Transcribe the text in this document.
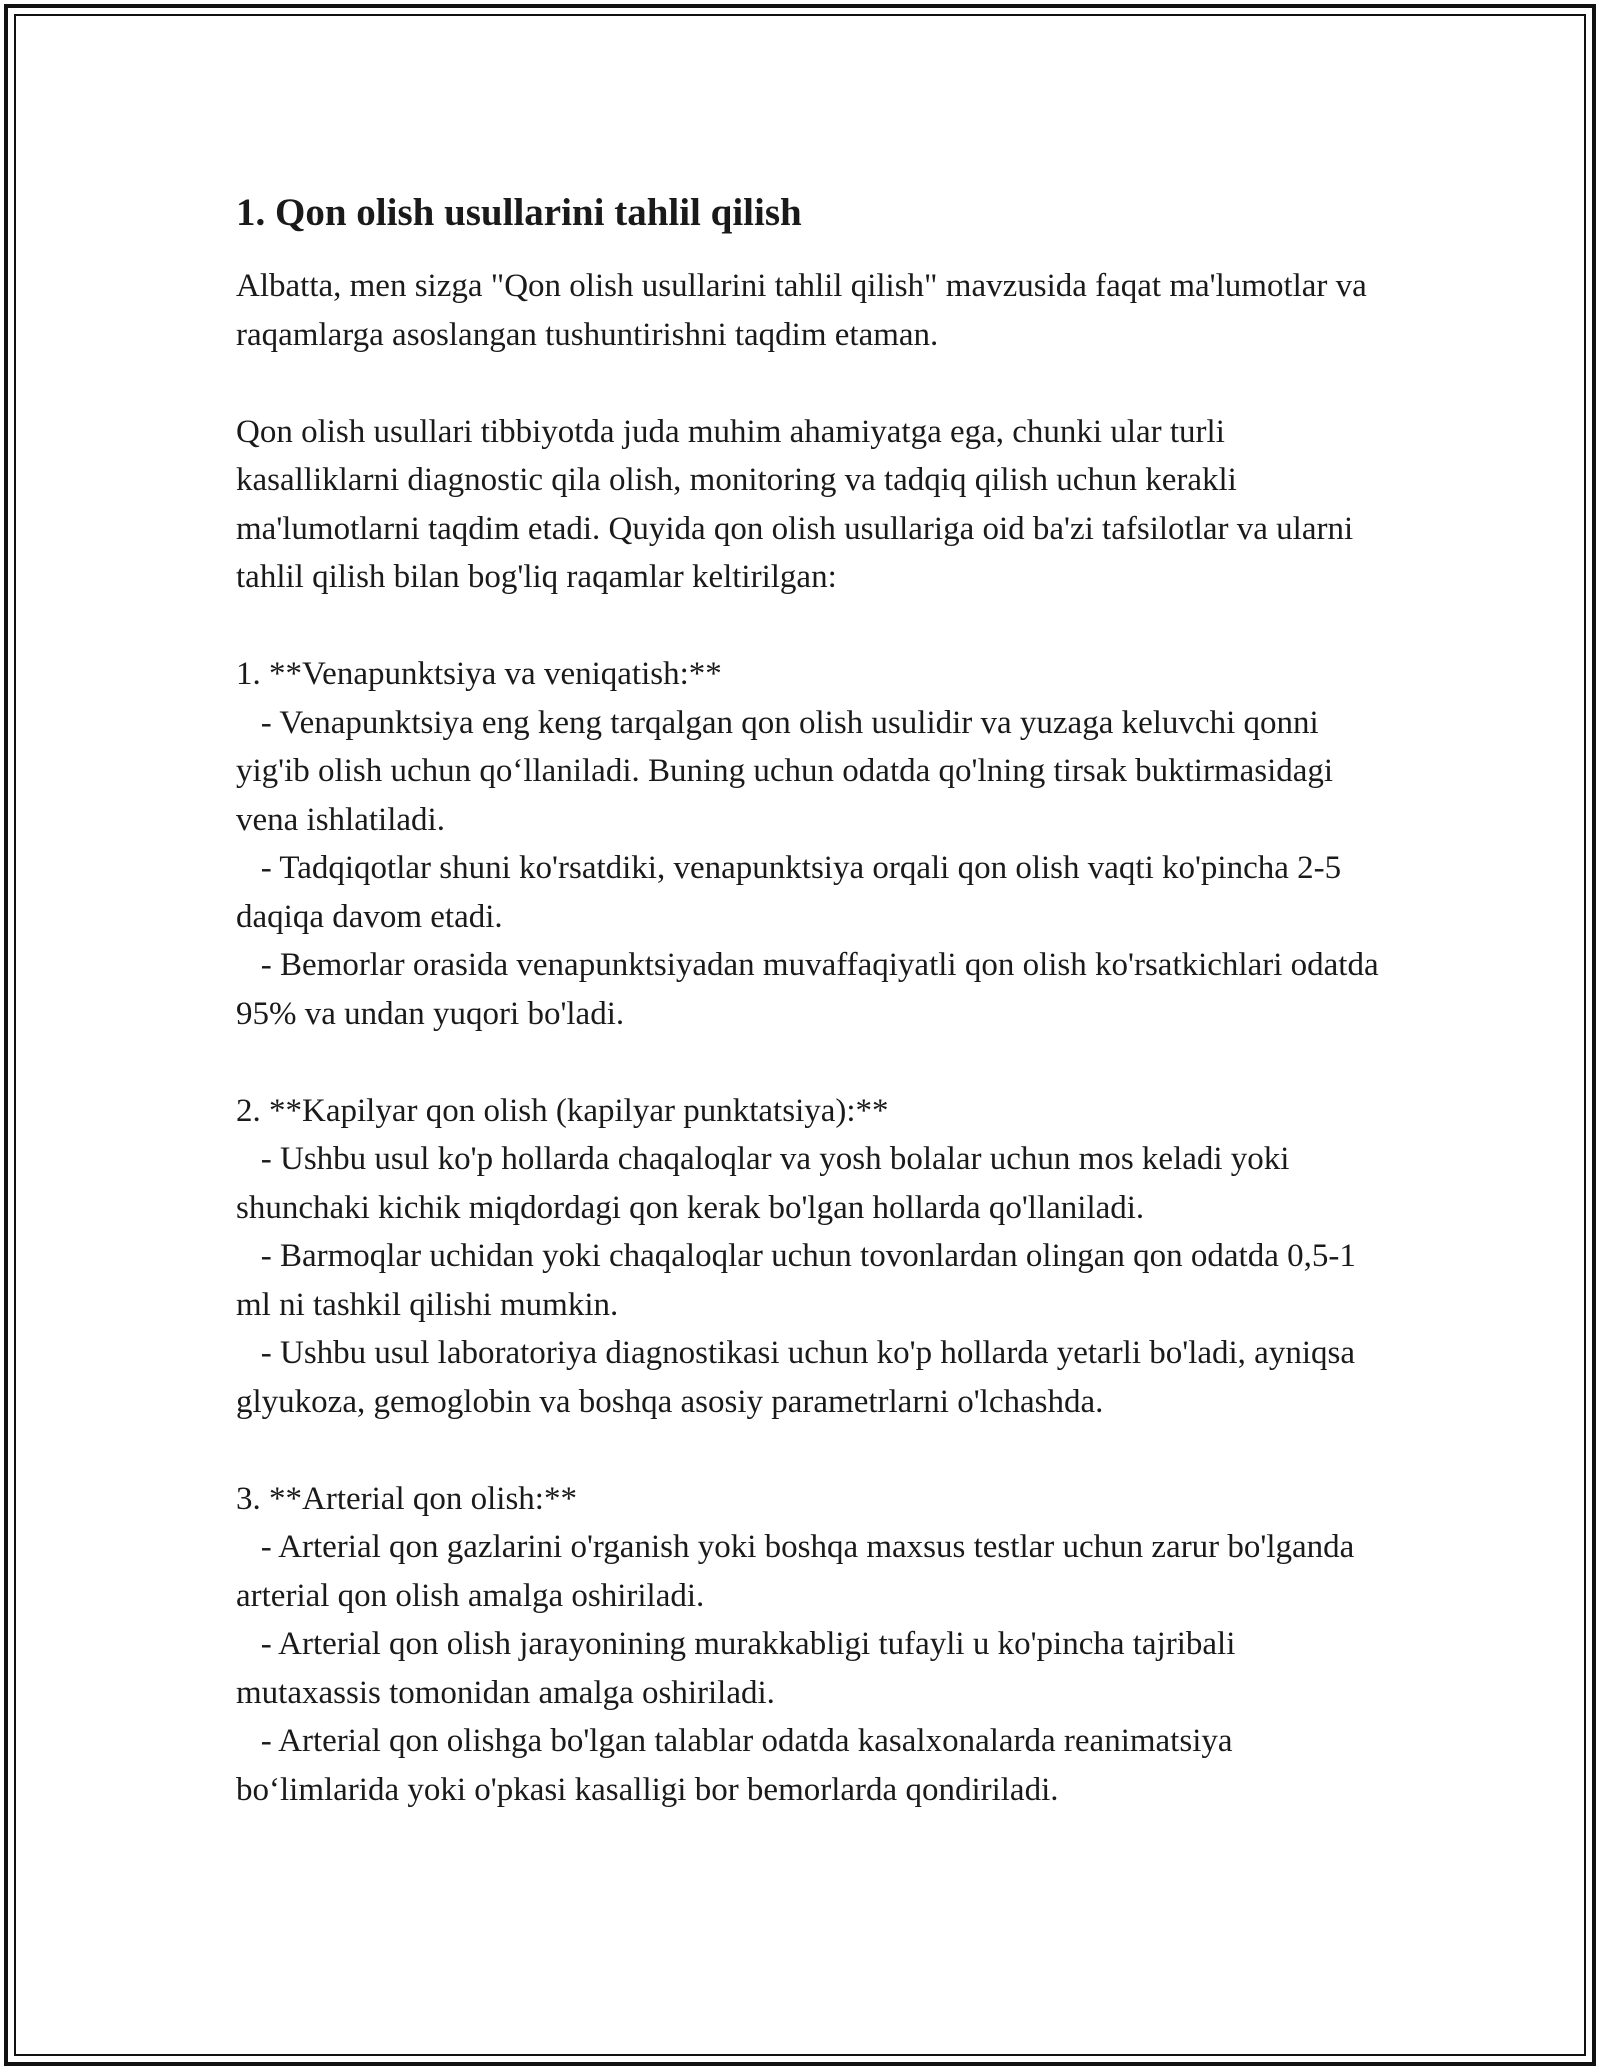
1. Qon olish usullarini tahlil qilish

Albatta, men sizga "Qon olish usullarini tahlil qilish" mavzusida faqat ma'lumotlar va raqamlarga asoslangan tushuntirishni taqdim etaman.

Qon olish usullari tibbiyotda juda muhim ahamiyatga ega, chunki ular turli kasalliklarni diagnostic qila olish, monitoring va tadqiq qilish uchun kerakli ma'lumotlarni taqdim etadi. Quyida qon olish usullariga oid ba'zi tafsilotlar va ularni tahlil qilish bilan bog'liq raqamlar keltirilgan:

1. **Venapunktsiya va veniqatish:**

- Venapunktsiya eng keng tarqalgan qon olish usulidir va yuzaga keluvchi qonni yig'ib olish uchun qo‘llaniladi. Buning uchun odatda qo'lning tirsak buktirmasidagi vena ishlatiladi.

- Tadqiqotlar shuni ko'rsatdiki, venapunktsiya orqali qon olish vaqti ko'pincha 2-5 daqiqa davom etadi.

- Bemorlar orasida venapunktsiyadan muvaffaqiyatli qon olish ko'rsatkichlari odatda 95% va undan yuqori bo'ladi.

2. **Kapilyar qon olish (kapilyar punktatsiya):**

- Ushbu usul ko'p hollarda chaqaloqlar va yosh bolalar uchun mos keladi yoki shunchaki kichik miqdordagi qon kerak bo'lgan hollarda qo'llaniladi.

- Barmoqlar uchidan yoki chaqaloqlar uchun tovonlardan olingan qon odatda 0,5-1 ml ni tashkil qilishi mumkin.

- Ushbu usul laboratoriya diagnostikasi uchun ko'p hollarda yetarli bo'ladi, ayniqsa glyukoza, gemoglobin va boshqa asosiy parametrlarni o'lchashda.

3. **Arterial qon olish:**

- Arterial qon gazlarini o'rganish yoki boshqa maxsus testlar uchun zarur bo'lganda arterial qon olish amalga oshiriladi.

- Arterial qon olish jarayonining murakkabligi tufayli u ko'pincha tajribali mutaxassis tomonidan amalga oshiriladi.

- Arterial qon olishga bo'lgan talablar odatda kasalxonalarda reanimatsiya bo‘limlarida yoki o'pkasi kasalligi bor bemorlarda qondiriladi.
